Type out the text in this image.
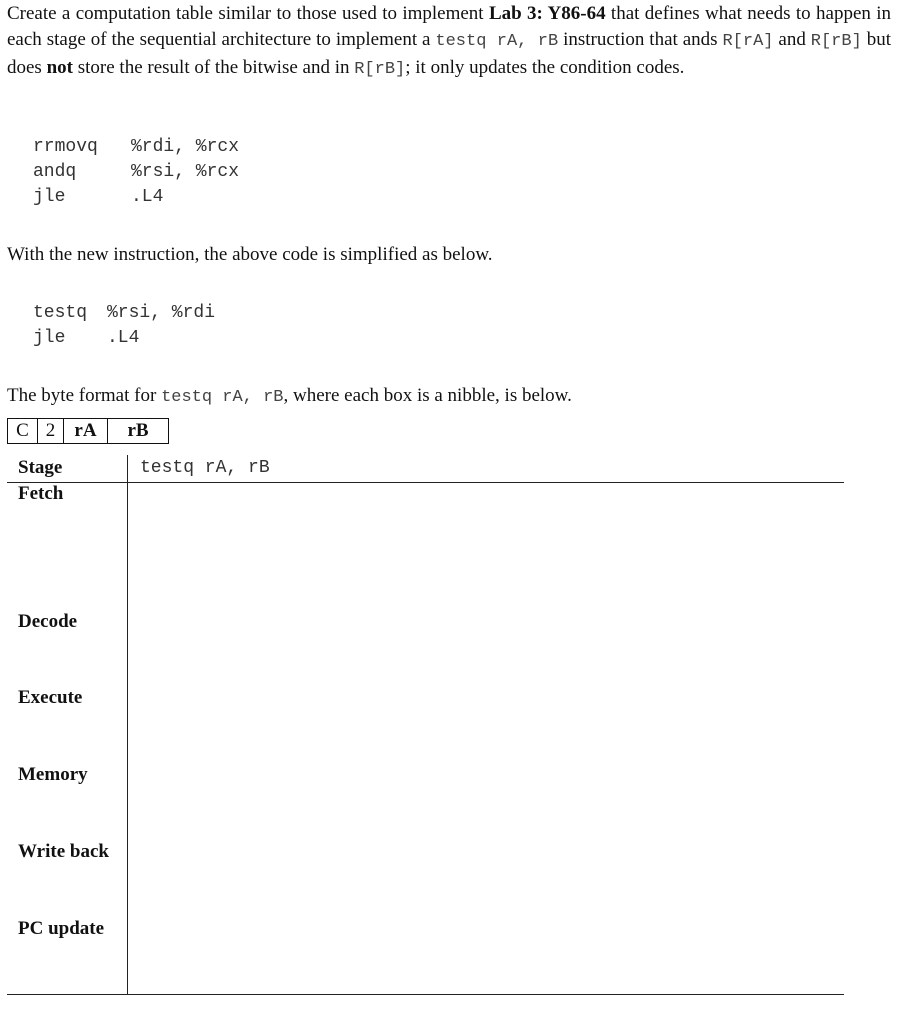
Create a computation table similar to those used to implement Lab 3: Y86-64 that defines what needs to happen in each stage of the sequential architecture to implement a testq rA, rB instruction that ands R[rA] and R[rB] but does not store the result of the bitwise and in R[rB]; it only updates the condition codes.
rrmovq	%rdi, %rcx
andq	%rsi, %rcx
jle	.L4
With the new instruction, the above code is simplified as below.
testq	%rsi, %rdi
jle	.L4
The byte format for testq rA, rB, where each box is a nibble, is below.
C 2	rA	rB
Stage	testq rA, rB
Fetch
Decode
Execute
Memory
Write back
PC update
